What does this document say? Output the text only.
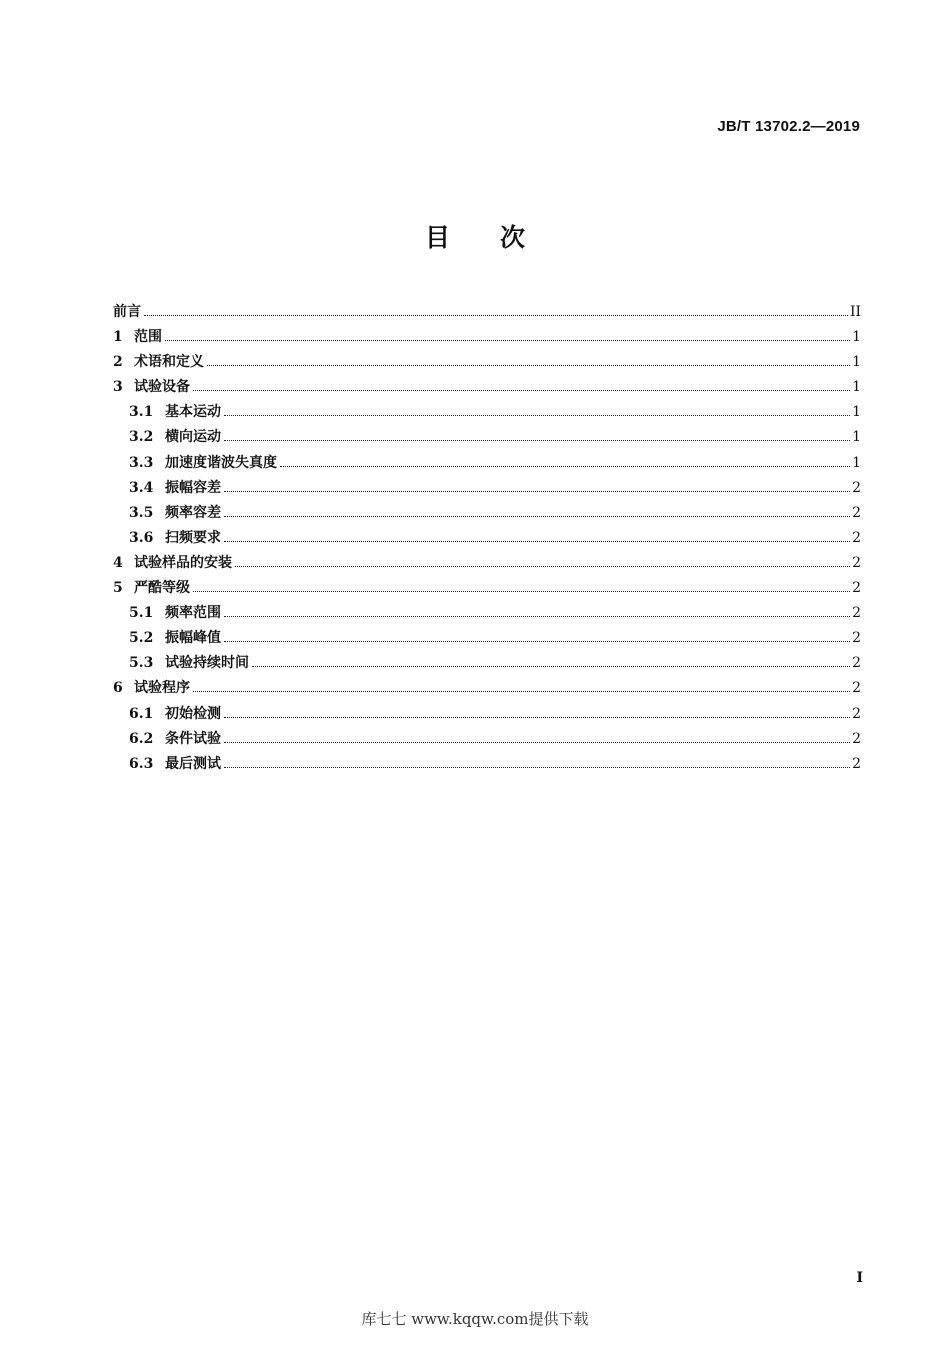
JB/T 13702.2—2019
目 次
前言	II
1 范围	1
2 术语和定义	1
3 试验设备	1
3.1 基本运动	1
3.2 横向运动	1
3.3 加速度谐波失真度	1
3.4 振幅容差	2
3.5 频率容差	2
3.6 扫频要求	2
4 试验样品的安装	2
5 严酷等级	2
5.1 频率范围	2
5.2 振幅峰值	2
5.3 试验持续时间	2
6 试验程序	2
6.1 初始检测	2
6.2 条件试验	2
6.3 最后测试	2
I
库七七 www.kqqw.com提供下载
